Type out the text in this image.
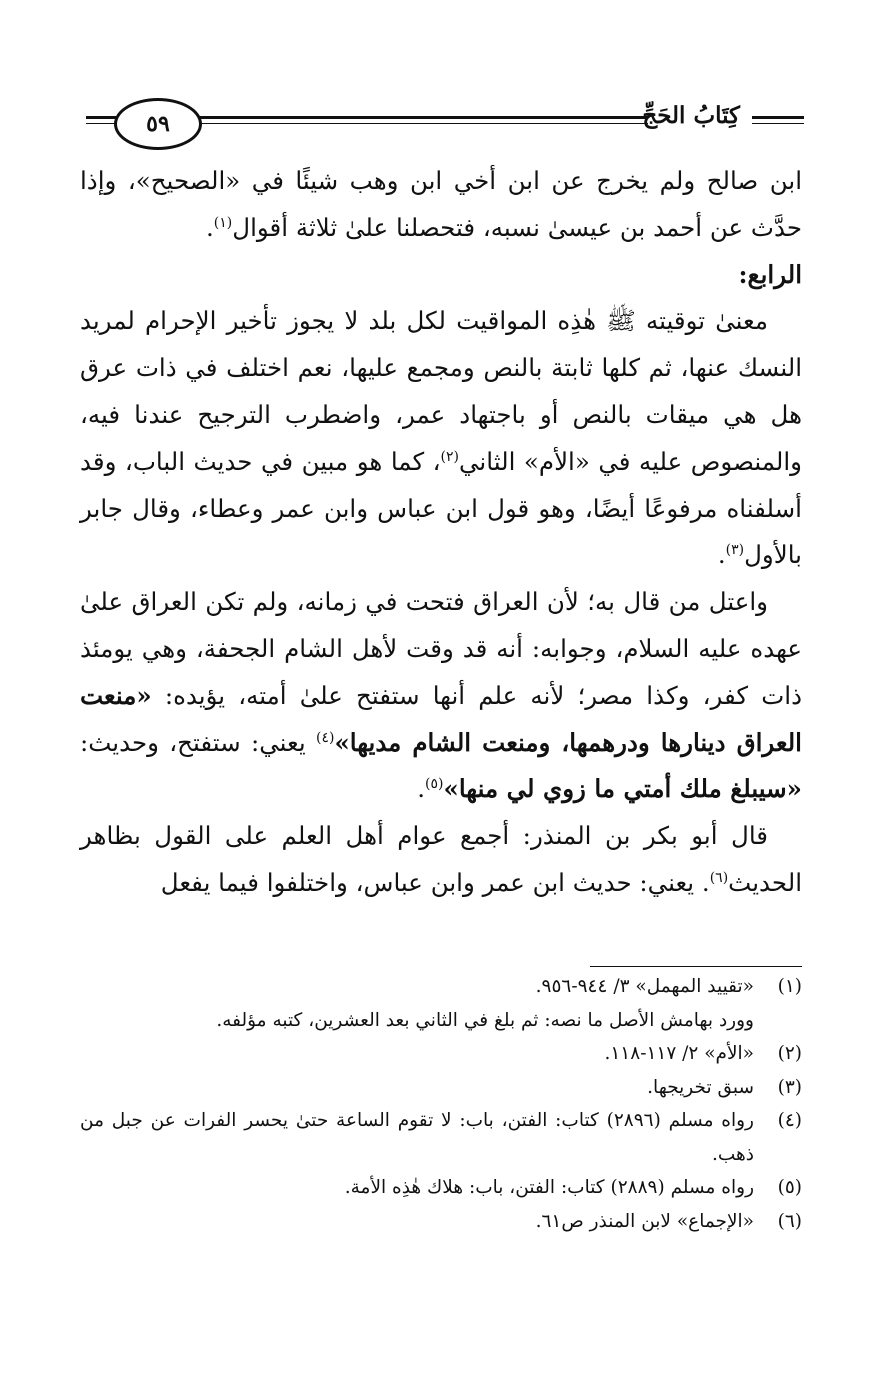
كِتَابُ الحَجِّ
٥٩

ابن صالح ولم يخرج عن ابن أخي ابن وهب شيئًا في «الصحيح»، وإذا حدَّث عن أحمد بن عيسىٰ نسبه، فتحصلنا علىٰ ثلاثة أقوال$^{(١)}$.

الرابع:

معنىٰ توقيته ﷺ هٰذِه المواقيت لكل بلد لا يجوز تأخير الإحرام لمريد النسك عنها، ثم كلها ثابتة بالنص ومجمع عليها، نعم اختلف في ذات عرق هل هي ميقات بالنص أو باجتهاد عمر، واضطرب الترجيح عندنا فيه، والمنصوص عليه في «الأم» الثاني$^{(٢)}$، كما هو مبين في حديث الباب، وقد أسلفناه مرفوعًا أيضًا، وهو قول ابن عباس وابن عمر وعطاء، وقال جابر بالأول$^{(٣)}$.

واعتل من قال به؛ لأن العراق فتحت في زمانه، ولم تكن العراق علىٰ عهده عليه السلام، وجوابه: أنه قد وقت لأهل الشام الجحفة، وهي يومئذ ذات كفر، وكذا مصر؛ لأنه علم أنها ستفتح علىٰ أمته، يؤيده: «منعت العراق دينارها ودرهمها، ومنعت الشام مديها»$^{(٤)}$ يعني: ستفتح، وحديث: «سيبلغ ملك أمتي ما زوي لي منها»$^{(٥)}$.

قال أبو بكر بن المنذر: أجمع عوام أهل العلم على القول بظاهر الحديث$^{(٦)}$. يعني: حديث ابن عمر وابن عباس، واختلفوا فيما يفعل

(١)
«تقييد المهمل» ٣/ ٩٤٤-٩٥٦.
وورد بهامش الأصل ما نصه: ثم بلغ في الثاني بعد العشرين، كتبه مؤلفه.
(٢)
«الأم» ٢/ ١١٧-١١٨.
(٣)
سبق تخريجها.
(٤)
رواه مسلم (٢٨٩٦) كتاب: الفتن، باب: لا تقوم الساعة حتىٰ يحسر الفرات عن جبل من ذهب.
(٥)
رواه مسلم (٢٨٨٩) كتاب: الفتن، باب: هلاك هٰذِه الأمة.
(٦)
«الإجماع» لابن المنذر ص٦١.
